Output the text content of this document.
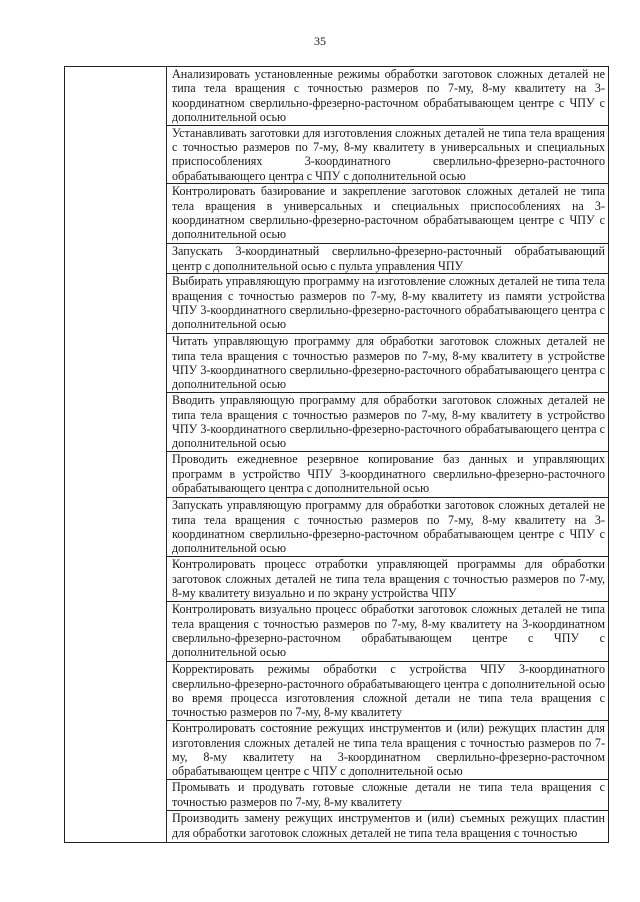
35

Анализировать установленные режимы обработки заготовок сложных деталей не типа тела вращения с точностью размеров по 7-му, 8-му квалитету на 3-координатном сверлильно-фрезерно-расточном обрабатывающем центре с ЧПУ с дополнительной осью

Устанавливать заготовки для изготовления сложных деталей не типа тела вращения с точностью размеров по 7-му, 8-му квалитету в универсальных и специальных приспособлениях 3-координатного сверлильно-фрезерно-расточного обрабатывающего центра с ЧПУ с дополнительной осью

Контролировать базирование и закрепление заготовок сложных деталей не типа тела вращения в универсальных и специальных приспособлениях на 3-координатном сверлильно-фрезерно-расточном обрабатывающем центре с ЧПУ с дополнительной осью

Запускать 3-координатный сверлильно-фрезерно-расточный обрабатывающий центр с дополнительной осью с пульта управления ЧПУ

Выбирать управляющую программу на изготовление сложных деталей не типа тела вращения с точностью размеров по 7-му, 8-му квалитету из памяти устройства ЧПУ 3-координатного сверлильно-фрезерно-расточного обрабатывающего центра с дополнительной осью

Читать управляющую программу для обработки заготовок сложных деталей не типа тела вращения с точностью размеров по 7-му, 8-му квалитету в устройстве ЧПУ 3-координатного сверлильно-фрезерно-расточного обрабатывающего центра с дополнительной осью

Вводить управляющую программу для обработки заготовок сложных деталей не типа тела вращения с точностью размеров по 7-му, 8-му квалитету в устройство ЧПУ 3-координатного сверлильно-фрезерно-расточного обрабатывающего центра с дополнительной осью

Проводить ежедневное резервное копирование баз данных и управляющих программ в устройство ЧПУ 3-координатного сверлильно-фрезерно-расточного обрабатывающего центра с дополнительной осью

Запускать управляющую программу для обработки заготовок сложных деталей не типа тела вращения с точностью размеров по 7-му, 8-му квалитету на 3-координатном сверлильно-фрезерно-расточном обрабатывающем центре с ЧПУ с дополнительной осью

Контролировать процесс отработки управляющей программы для обработки заготовок сложных деталей не типа тела вращения с точностью размеров по 7-му, 8-му квалитету визуально и по экрану устройства ЧПУ

Контролировать визуально процесс обработки заготовок сложных деталей не типа тела вращения с точностью размеров по 7-му, 8-му квалитету на 3-координатном сверлильно-фрезерно-расточном обрабатывающем центре с ЧПУ с дополнительной осью

Корректировать режимы обработки с устройства ЧПУ 3-координатного сверлильно-фрезерно-расточного обрабатывающего центра с дополнительной осью во время процесса изготовления сложной детали не типа тела вращения с точностью размеров по 7-му, 8-му квалитету

Контролировать состояние режущих инструментов и (или) режущих пластин для изготовления сложных деталей не типа тела вращения с точностью размеров по 7-му, 8-му квалитету на 3-координатном сверлильно-фрезерно-расточном обрабатывающем центре с ЧПУ с дополнительной осью

Промывать и продувать готовые сложные детали не типа тела вращения с точностью размеров по 7-му, 8-му квалитету

Производить замену режущих инструментов и (или) съемных режущих пластин для обработки заготовок сложных деталей не типа тела вращения с точностью
